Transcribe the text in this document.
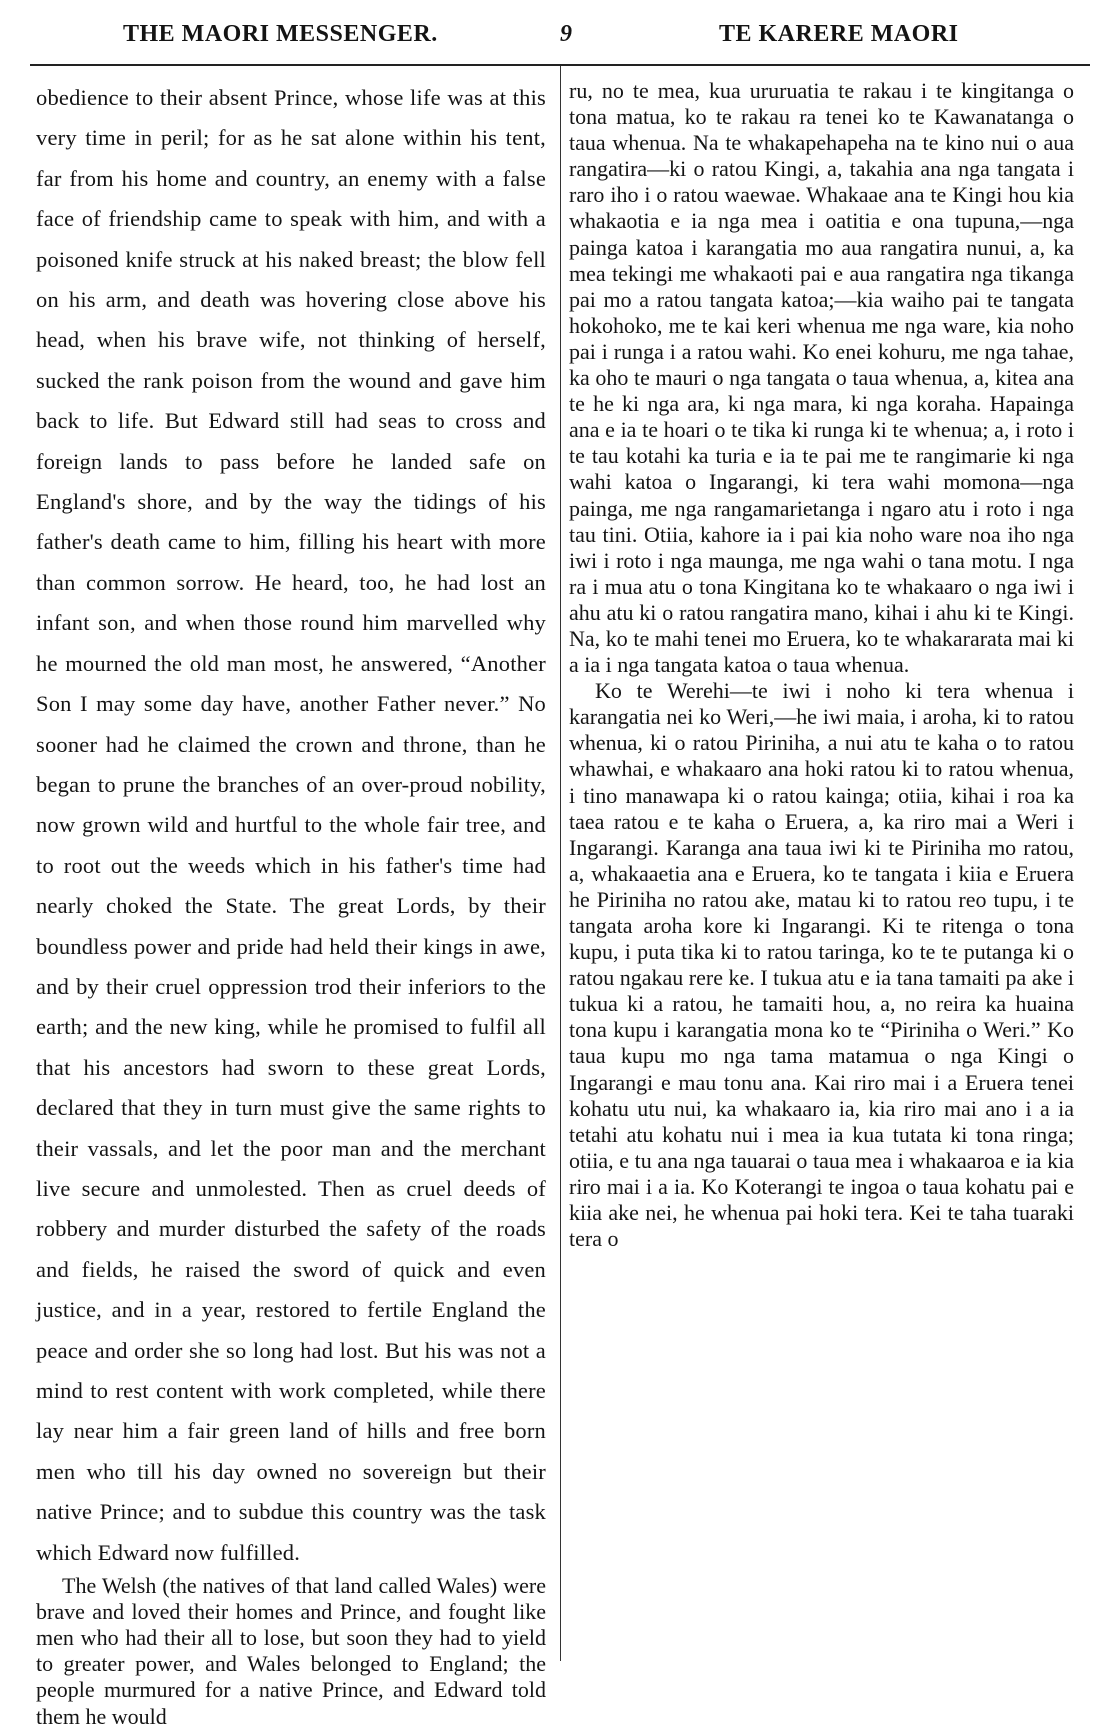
THE MAORI MESSENGER.	9	TE KARERE MAORI

obedience to their absent Prince, whose life was at this very time in peril; for as he sat alone within his tent, far from his home and country, an enemy with a false face of friendship came to speak with him, and with a poisoned knife struck at his naked breast; the blow fell on his arm, and death was hovering close above his head, when his brave wife, not thinking of herself, sucked the rank poison from the wound and gave him back to life. But Edward still had seas to cross and foreign lands to pass before he landed safe on England's shore, and by the way the tidings of his father's death came to him, filling his heart with more than common sorrow. He heard, too, he had lost an infant son, and when those round him marvelled why he mourned the old man most, he answered, “Another Son I may some day have, another Father never.” No sooner had he claimed the crown and throne, than he began to prune the branches of an over-proud nobility, now grown wild and hurtful to the whole fair tree, and to root out the weeds which in his father's time had nearly choked the State. The great Lords, by their boundless power and pride had held their kings in awe, and by their cruel oppression trod their inferiors to the earth; and the new king, while he promised to fulfil all that his ancestors had sworn to these great Lords, declared that they in turn must give the same rights to their vassals, and let the poor man and the merchant live secure and unmolested. Then as cruel deeds of robbery and murder disturbed the safety of the roads and fields, he raised the sword of quick and even justice, and in a year, restored to fertile England the peace and order she so long had lost. But his was not a mind to rest content with work completed, while there lay near him a fair green land of hills and free born men who till his day owned no sovereign but their native Prince; and to subdue this country was the task which Edward now fulfilled.

The Welsh (the natives of that land called Wales) were brave and loved their homes and Prince, and fought like men who had their all to lose, but soon they had to yield to greater power, and Wales belonged to England; the people murmured for a native Prince, and Edward told them he would

ru, no te mea, kua ururuatia te rakau i te kingitanga o tona matua, ko te rakau ra tenei ko te Kawanatanga o taua whenua. Na te whakapehapeha na te kino nui o aua rangatira—ki o ratou Kingi, a, takahia ana nga tangata i raro iho i o ratou waewae. Whakaae ana te Kingi hou kia whakaotia e ia nga mea i oatitia e ona tupuna,—nga painga katoa i karangatia mo aua rangatira nunui, a, ka mea tekingi me whakaoti pai e aua rangatira nga tikanga pai mo a ratou tangata katoa;—kia waiho pai te tangata hokohoko, me te kai keri whenua me nga ware, kia noho pai i runga i a ratou wahi. Ko enei kohuru, me nga tahae, ka oho te mauri o nga tangata o taua whenua, a, kitea ana te he ki nga ara, ki nga mara, ki nga koraha. Hapainga ana e ia te hoari o te tika ki runga ki te whenua; a, i roto i te tau kotahi ka turia e ia te pai me te rangimarie ki nga wahi katoa o Ingarangi, ki tera wahi momona—nga painga, me nga rangamarietanga i ngaro atu i roto i nga tau tini. Otiia, kahore ia i pai kia noho ware noa iho nga iwi i roto i nga maunga, me nga wahi o tana motu. I nga ra i mua atu o tona Kingitana ko te whakaaro o nga iwi i ahu atu ki o ratou rangatira mano, kihai i ahu ki te Kingi. Na, ko te mahi tenei mo Eruera, ko te whakararata mai ki a ia i nga tangata katoa o taua whenua.

Ko te Werehi—te iwi i noho ki tera whenua i karangatia nei ko Weri,—he iwi maia, i aroha, ki to ratou whenua, ki o ratou Piriniha, a nui atu te kaha o to ratou whawhai, e whakaaro ana hoki ratou ki to ratou whenua, i tino manawapa ki o ratou kainga; otiia, kihai i roa ka taea ratou e te kaha o Eruera, a, ka riro mai a Weri i Ingarangi. Karanga ana taua iwi ki te Piriniha mo ratou, a, whakaaetia ana e Eruera, ko te tangata i kiia e Eruera he Piriniha no ratou ake, matau ki to ratou reo tupu, i te tangata aroha kore ki Ingarangi. Ki te ritenga o tona kupu, i puta tika ki to ratou taringa, ko te te putanga ki o ratou ngakau rere ke. I tukua atu e ia tana tamaiti pa ake i tukua ki a ratou, he tamaiti hou, a, no reira ka huaina tona kupu i karangatia mona ko te “Piriniha o Weri.” Ko taua kupu mo nga tama matamua o nga Kingi o Ingarangi e mau tonu ana. Kai riro mai i a Eruera tenei kohatu utu nui, ka whakaaro ia, kia riro mai ano i a ia tetahi atu kohatu nui i mea ia kua tutata ki tona ringa; otiia, e tu ana nga tauarai o taua mea i whakaaroa e ia kia riro mai i a ia. Ko Koterangi te ingoa o taua kohatu pai e kiia ake nei, he whenua pai hoki tera. Kei te taha tuaraki tera o
